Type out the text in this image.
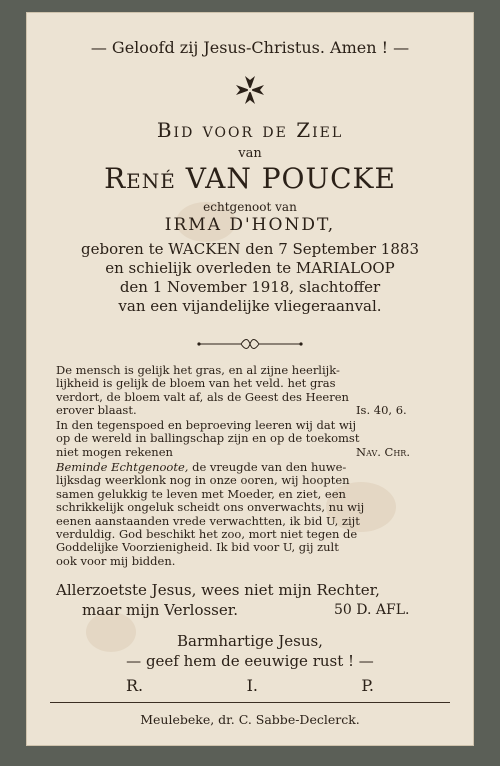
— Geloofd zij Jesus-Christus. Amen ! —
Bid voor de Ziel
van
René VAN POUCKE
echtgenoot van
IRMA D'HONDT,
geboren te WACKEN den 7 September 1883
en schielijk overleden te MARIALOOP
den 1 November 1918, slachtoffer
van een vijandelijke vliegeraanval.
De mensch is gelijk het gras, en al zijne heerlijk-
lijkheid is gelijk de bloem van het veld. het gras
verdort, de bloem valt af, als de Geest des Heeren
erover blaast.	Is. 40, 6.
In den tegenspoed en beproeving leeren wij dat wij
op de wereld in ballingschap zijn en op de toekomst
niet mogen rekenen	Nav. Chr.
Beminde Echtgenoote, de vreugde van den huwe-
lijksdag weerklonk nog in onze ooren, wij hoopten
samen gelukkig te leven met Moeder, en ziet, een
schrikkelijk ongeluk scheidt ons onverwachts, nu wij
eenen aanstaanden vrede verwachtten, ik bid U, zijt
verduldig. God beschikt het zoo, mort niet tegen de
Goddelijke Voorzienigheid. Ik bid voor U, gij zult
ook voor mij bidden.
Allerzoetste Jesus, wees niet mijn Rechter,
maar mijn Verlosser.	50 D. AFL.
Barmhartige Jesus,
— geef hem de eeuwige rust ! —
R.	I.	P.
Meulebeke, dr. C. Sabbe-Declerck.
